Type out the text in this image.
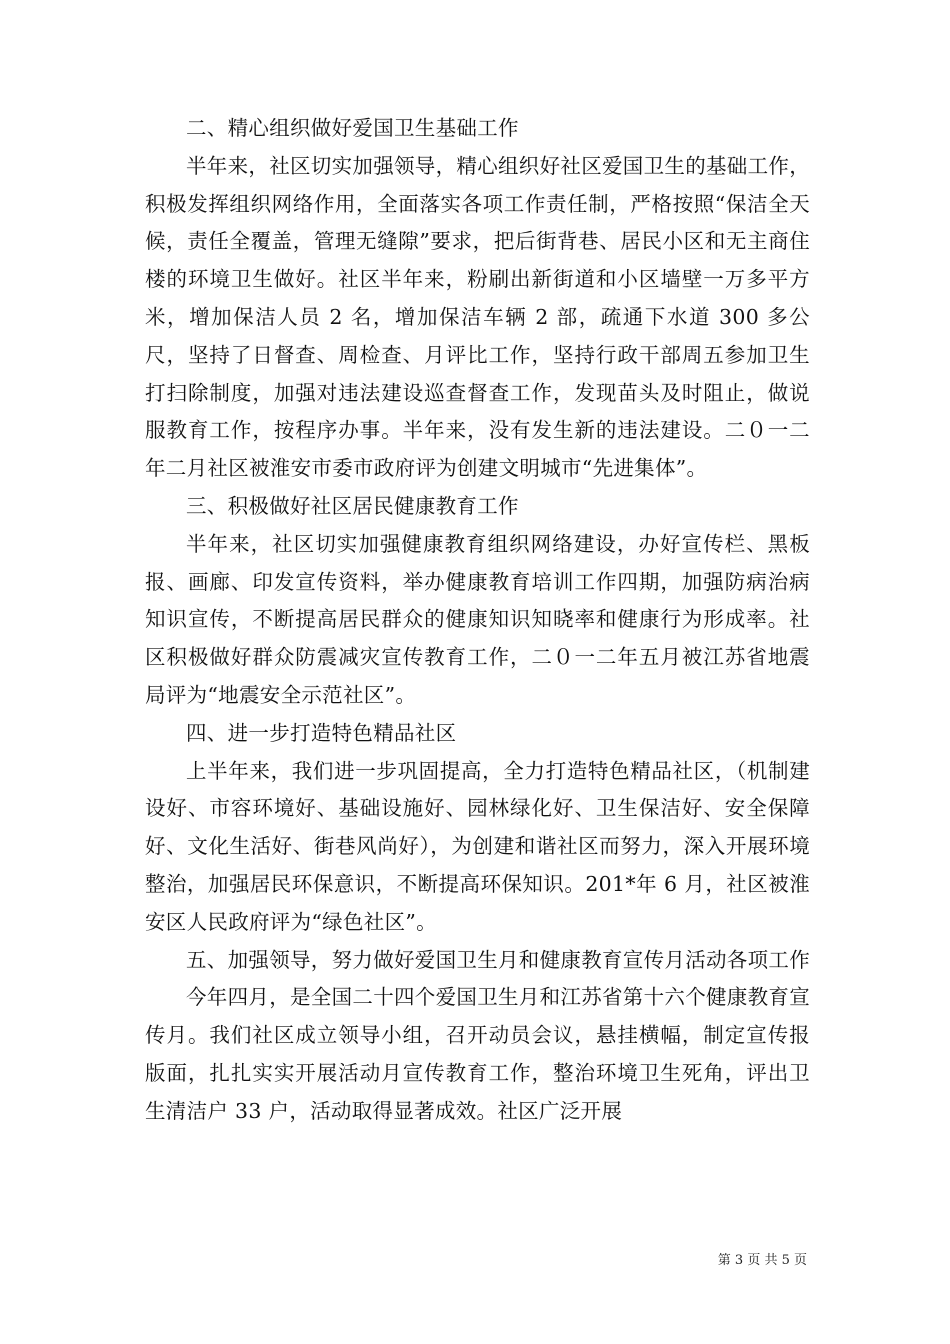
二、精心组织做好爱国卫生基础工作

半年来，社区切实加强领导，精心组织好社区爱国卫生的基础工作，积极发挥组织网络作用，全面落实各项工作责任制，严格按照“保洁全天候，责任全覆盖，管理无缝隙”要求，把后街背巷、居民小区和无主商住楼的环境卫生做好。社区半年来，粉刷出新街道和小区墙壁一万多平方米，增加保洁人员 2 名，增加保洁车辆 2 部，疏通下水道 300 多公尺，坚持了日督查、周检查、月评比工作，坚持行政干部周五参加卫生打扫除制度，加强对违法建设巡查督查工作，发现苗头及时阻止，做说服教育工作，按程序办事。半年来，没有发生新的违法建设。二０一二年二月社区被淮安市委市政府评为创建文明城市“先进集体”。

三、积极做好社区居民健康教育工作

半年来，社区切实加强健康教育组织网络建设，办好宣传栏、黑板报、画廊、印发宣传资料，举办健康教育培训工作四期，加强防病治病知识宣传，不断提高居民群众的健康知识知晓率和健康行为形成率。社区积极做好群众防震减灾宣传教育工作，二０一二年五月被江苏省地震局评为“地震安全示范社区”。

四、进一步打造特色精品社区

上半年来，我们进一步巩固提高，全力打造特色精品社区，（机制建设好、市容环境好、基础设施好、园林绿化好、卫生保洁好、安全保障好、文化生活好、街巷风尚好），为创建和谐社区而努力，深入开展环境整治，加强居民环保意识，不断提高环保知识。201*年 6 月，社区被淮安区人民政府评为“绿色社区”。

五、加强领导，努力做好爱国卫生月和健康教育宣传月活动各项工作

今年四月，是全国二十四个爱国卫生月和江苏省第十六个健康教育宣传月。我们社区成立领导小组，召开动员会议，悬挂横幅，制定宣传报版面，扎扎实实开展活动月宣传教育工作，整治环境卫生死角，评出卫生清洁户 33 户，活动取得显著成效。社区广泛开展

第 3 页 共 5 页
